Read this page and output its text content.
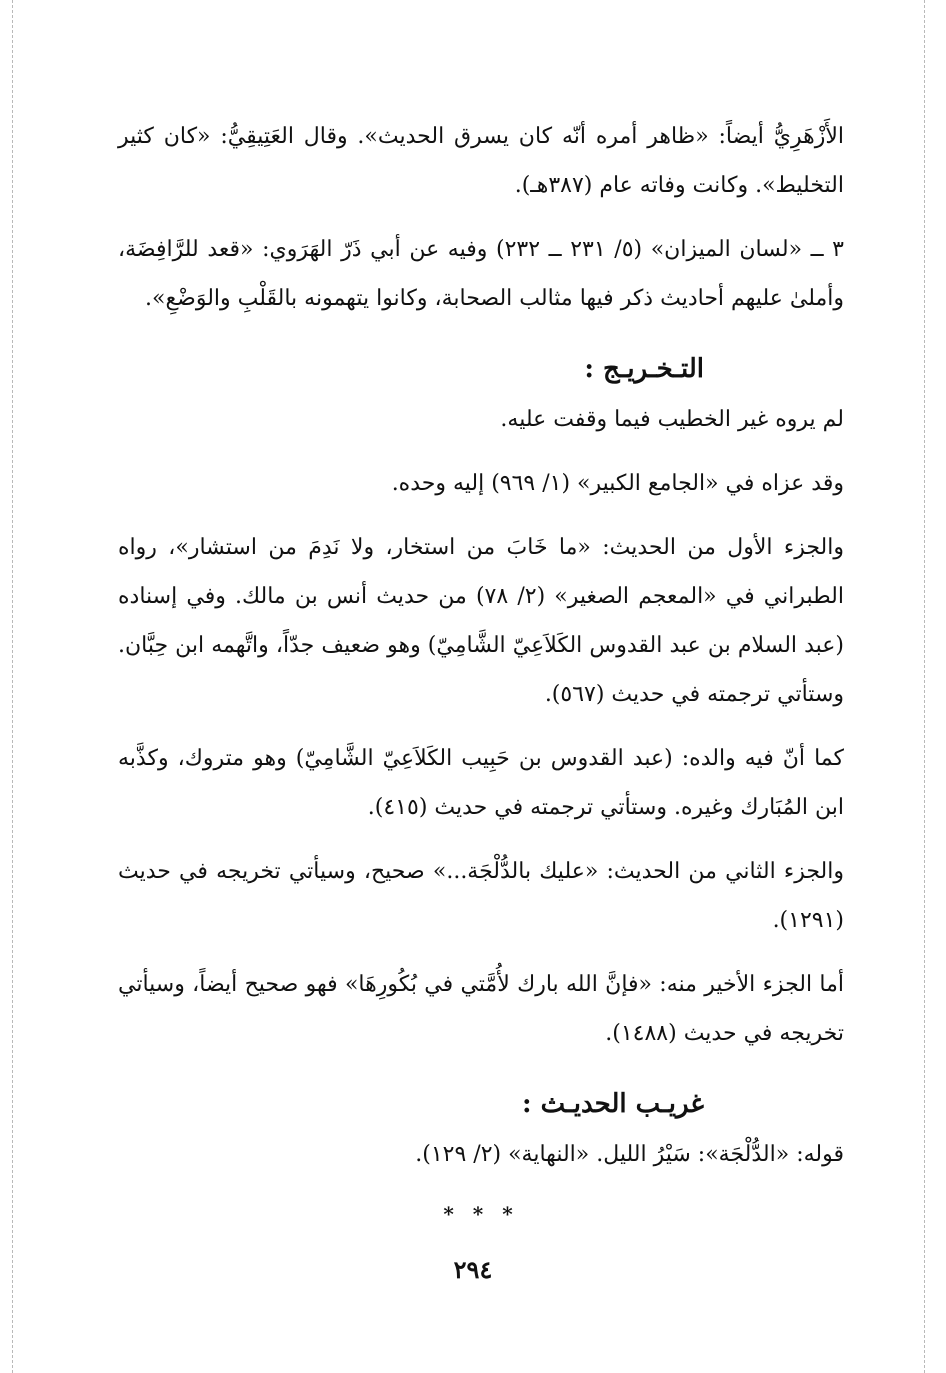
الأَزْهَرِيُّ أيضاً: «ظاهر أمره أنّه كان يسرق الحديث». وقال العَتِيقِيُّ: «كان كثير التخليط». وكانت وفاته عام (٣٨٧هـ).

٣ ــ «لسان الميزان» (٥/ ٢٣١ ــ ٢٣٢) وفيه عن أبي ذَرّ الهَرَوي: «قعد للرَّافِضَة، وأملىٰ عليهم أحاديث ذكر فيها مثالب الصحابة، وكانوا يتهمونه بالقَلْبِ والوَضْعِ».

التـخـريـج :

لم يروه غير الخطيب فيما وقفت عليه.

وقد عزاه في «الجامع الكبير» (١/ ٩٦٩) إليه وحده.

والجزء الأول من الحديث: «ما خَابَ من استخار، ولا نَدِمَ من استشار»، رواه الطبراني في «المعجم الصغير» (٢/ ٧٨) من حديث أنس بن مالك. وفي إسناده (عبد السلام بن عبد القدوس الكَلاَعِيّ الشَّامِيّ) وهو ضعيف جدّاً، واتَّهمه ابن حِبَّان. وستأتي ترجمته في حديث (٥٦٧).

كما أنّ فيه والده: (عبد القدوس بن حَبِيب الكَلاَعِيّ الشَّامِيّ) وهو متروك، وكذَّبه ابن المُبَارك وغيره. وستأتي ترجمته في حديث (٤١٥).

والجزء الثاني من الحديث: «عليك بالدُّلْجَة...» صحيح، وسيأتي تخريجه في حديث (١٢٩١).

أما الجزء الأخير منه: «فإنَّ الله بارك لأُمَّتي في بُكُورِهَا» فهو صحيح أيضاً، وسيأتي تخريجه في حديث (١٤٨٨).

غريـب الحديـث :

قوله: «الدُّلْجَة»: سَيْرُ الليل. «النهاية» (٢/ ١٢٩).

* * *
٢٩٤
